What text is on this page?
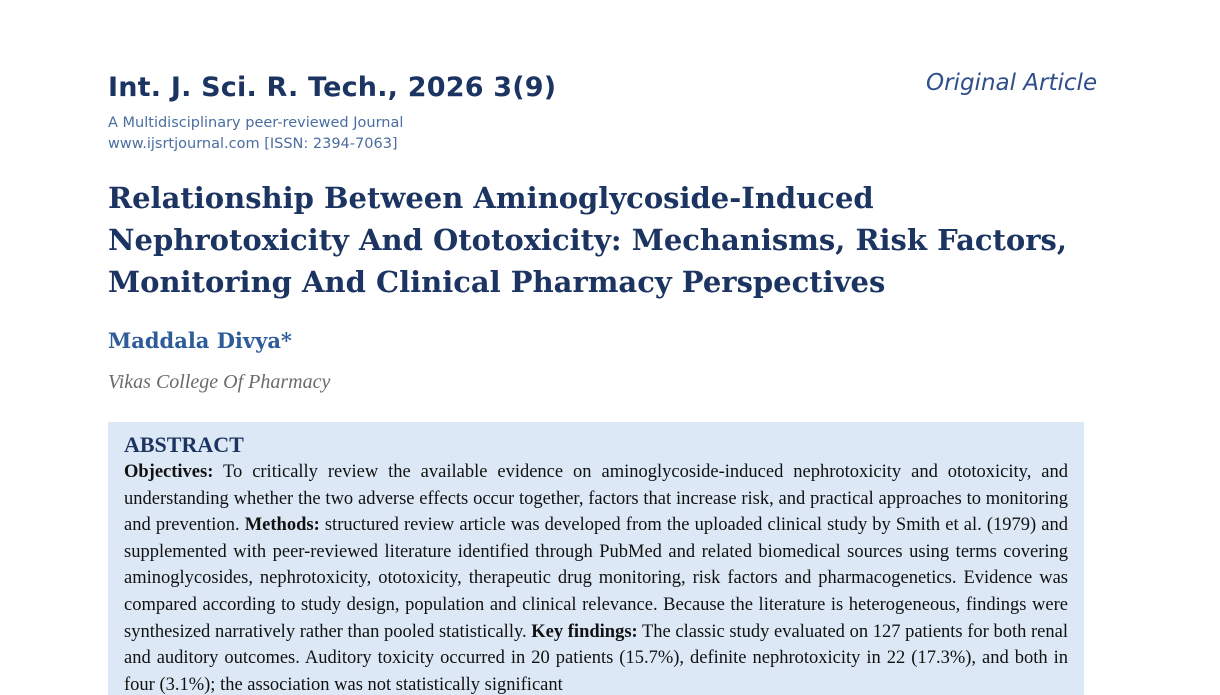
Int. J. Sci. R. Tech., 2026 3(9)	Original Article
A Multidisciplinary peer-reviewed Journal
www.ijsrtjournal.com [ISSN: 2394-7063]
Relationship Between Aminoglycoside-Induced
Nephrotoxicity And Ototoxicity: Mechanisms, Risk Factors,
Monitoring And Clinical Pharmacy Perspectives
Maddala Divya*
Vikas College Of Pharmacy
ABSTRACT

Objectives: To critically review the available evidence on aminoglycoside-induced nephrotoxicity and ototoxicity, and understanding whether the two adverse effects occur together, factors that increase risk, and practical approaches to monitoring and prevention. Methods: structured review article was developed from the uploaded clinical study by Smith et al. (1979) and supplemented with peer-reviewed literature identified through PubMed and related biomedical sources using terms covering aminoglycosides, nephrotoxicity, ototoxicity, therapeutic drug monitoring, risk factors and pharmacogenetics. Evidence was compared according to study design, population and clinical relevance. Because the literature is heterogeneous, findings were synthesized narratively rather than pooled statistically. Key findings: The classic study evaluated on 127 patients for both renal and auditory outcomes. Auditory toxicity occurred in 20 patients (15.7%), definite nephrotoxicity in 22 (17.3%), and both in four (3.1%); the association was not statistically significant
